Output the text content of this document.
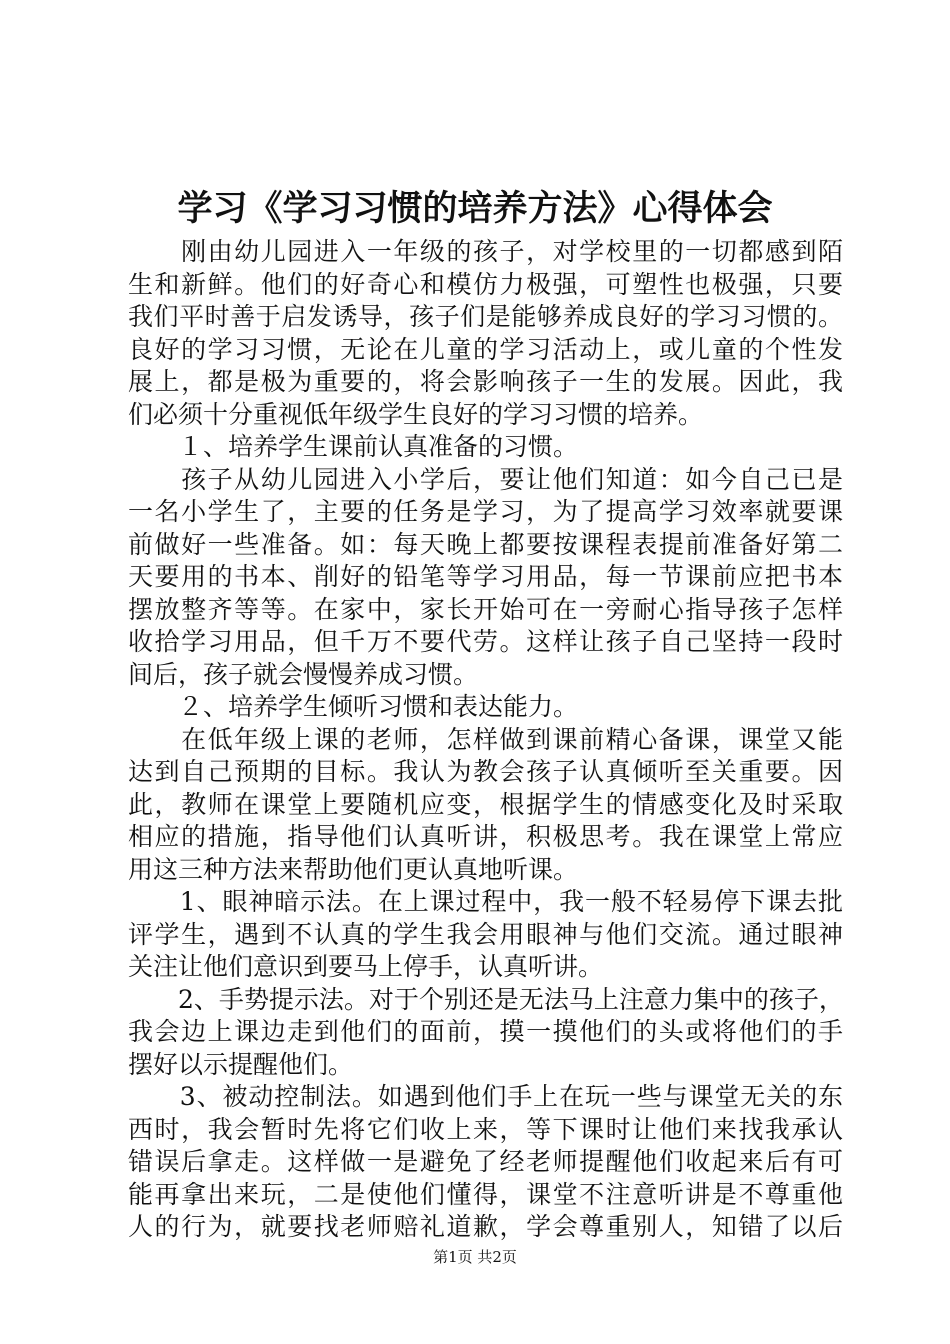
学习《学习习惯的培养方法》心得体会
　　刚由幼儿园进入一年级的孩子，对学校里的一切都感到陌
生和新鲜。他们的好奇心和模仿力极强，可塑性也极强，只要
我们平时善于启发诱导，孩子们是能够养成良好的学习习惯的。
良好的学习习惯，无论在儿童的学习活动上，或儿童的个性发
展上，都是极为重要的，将会影响孩子一生的发展。因此，我
们必须十分重视低年级学生良好的学习习惯的培养。
　　１、培养学生课前认真准备的习惯。
　　孩子从幼儿园进入小学后，要让他们知道：如今自己已是
一名小学生了，主要的任务是学习，为了提高学习效率就要课
前做好一些准备。如：每天晚上都要按课程表提前准备好第二
天要用的书本、削好的铅笔等学习用品，每一节课前应把书本
摆放整齐等等。在家中，家长开始可在一旁耐心指导孩子怎样
收拾学习用品，但千万不要代劳。这样让孩子自己坚持一段时
间后，孩子就会慢慢养成习惯。
　　２、培养学生倾听习惯和表达能力。
　　在低年级上课的老师，怎样做到课前精心备课，课堂又能
达到自己预期的目标。我认为教会孩子认真倾听至关重要。因
此，教师在课堂上要随机应变，根据学生的情感变化及时采取
相应的措施，指导他们认真听讲，积极思考。我在课堂上常应
用这三种方法来帮助他们更认真地听课。
　　1、眼神暗示法。在上课过程中，我一般不轻易停下课去批
评学生，遇到不认真的学生我会用眼神与他们交流。通过眼神
关注让他们意识到要马上停手，认真听讲。
　　2、手势提示法。对于个别还是无法马上注意力集中的孩子，
我会边上课边走到他们的面前，摸一摸他们的头或将他们的手
摆好以示提醒他们。
　　3、被动控制法。如遇到他们手上在玩一些与课堂无关的东
西时，我会暂时先将它们收上来，等下课时让他们来找我承认
错误后拿走。这样做一是避免了经老师提醒他们收起来后有可
能再拿出来玩，二是使他们懂得，课堂不注意听讲是不尊重他
人的行为，就要找老师赔礼道歉，学会尊重别人，知错了以后
第1页 共2页
